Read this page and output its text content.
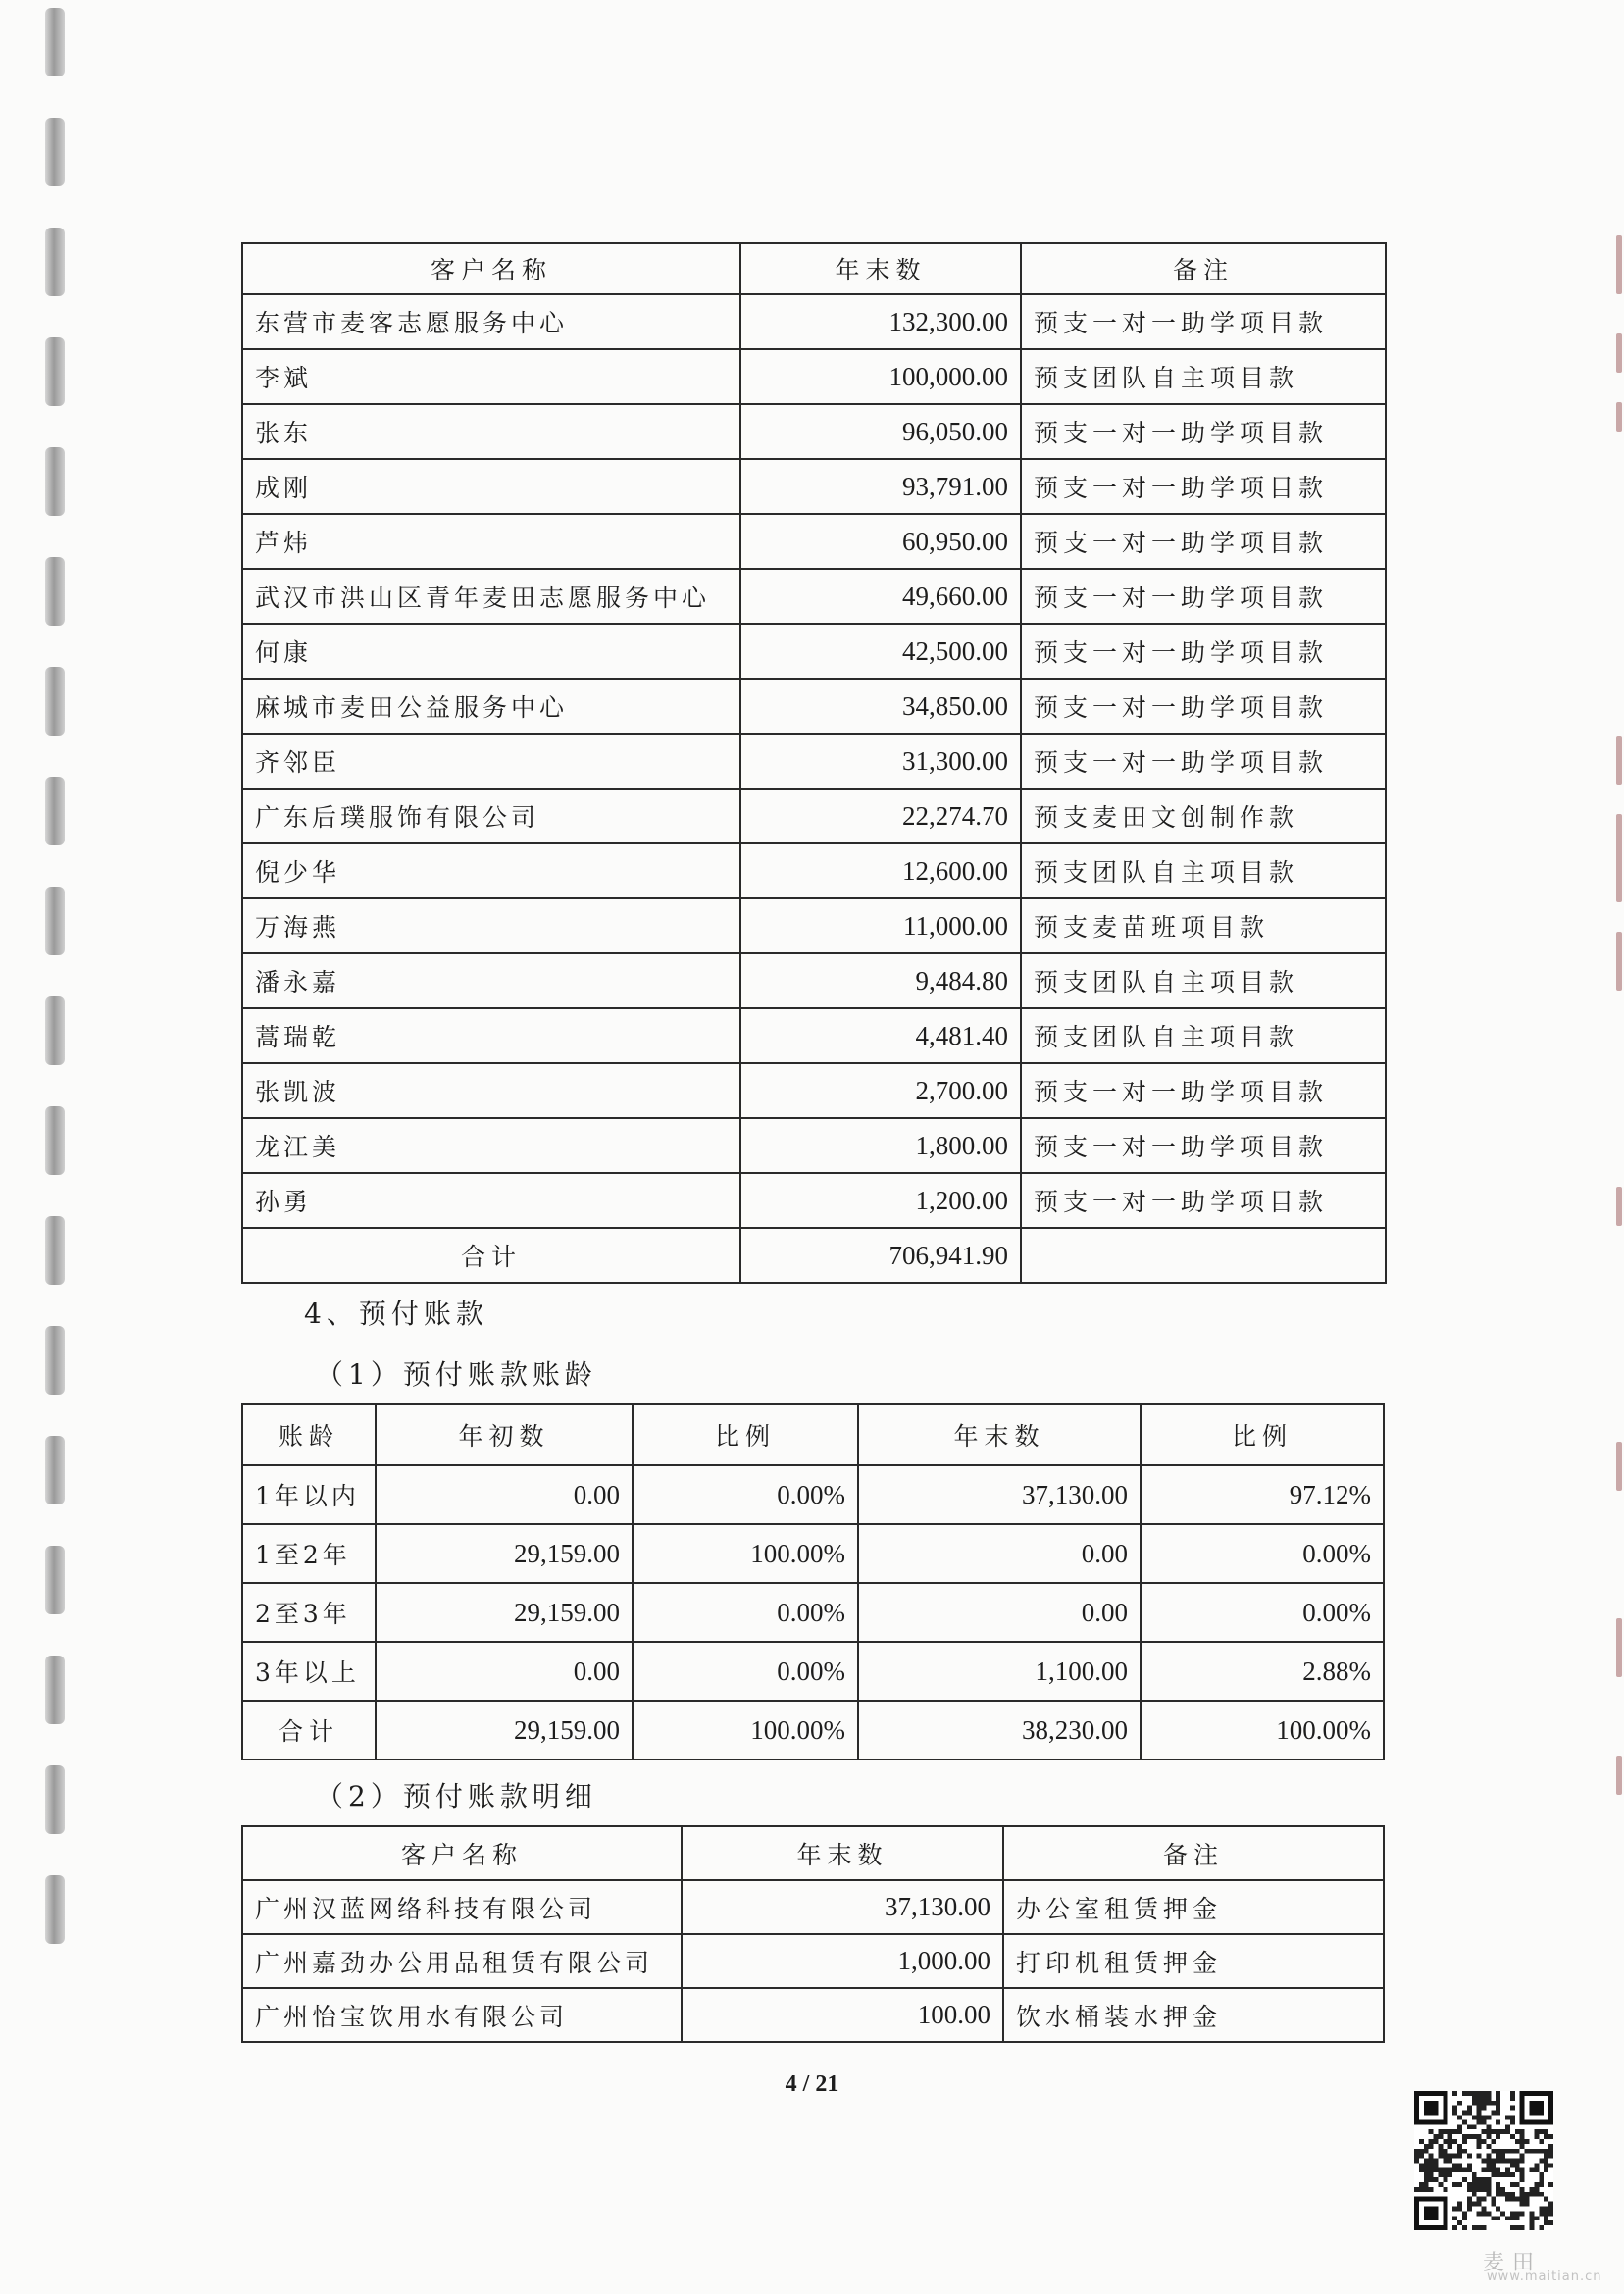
客户名称	年末数	备注
东营市麦客志愿服务中心	132,300.00	预支一对一助学项目款
李斌	100,000.00	预支团队自主项目款
张东	96,050.00	预支一对一助学项目款
成刚	93,791.00	预支一对一助学项目款
芦炜	60,950.00	预支一对一助学项目款
武汉市洪山区青年麦田志愿服务中心	49,660.00	预支一对一助学项目款
何康	42,500.00	预支一对一助学项目款
麻城市麦田公益服务中心	34,850.00	预支一对一助学项目款
齐邻臣	31,300.00	预支一对一助学项目款
广东后璞服饰有限公司	22,274.70	预支麦田文创制作款
倪少华	12,600.00	预支团队自主项目款
万海燕	11,000.00	预支麦苗班项目款
潘永嘉	9,484.80	预支团队自主项目款
蒿瑞乾	4,481.40	预支团队自主项目款
张凯波	2,700.00	预支一对一助学项目款
龙江美	1,800.00	预支一对一助学项目款
孙勇	1,200.00	预支一对一助学项目款
合计	706,941.90	
4、预付账款
（1）预付账款账龄
账龄	年初数	比例	年末数	比例
1年以内	0.00	0.00%	37,130.00	97.12%
1至2年	29,159.00	100.00%	0.00	0.00%
2至3年	29,159.00	0.00%	0.00	0.00%
3年以上	0.00	0.00%	1,100.00	2.88%
合计	29,159.00	100.00%	38,230.00	100.00%
（2）预付账款明细
客户名称	年末数	备注
广州汉蓝网络科技有限公司	37,130.00	办公室租赁押金
广州嘉劲办公用品租赁有限公司	1,000.00	打印机租赁押金
广州怡宝饮用水有限公司	100.00	饮水桶装水押金
4 / 21
麦田
www.maitian.cn
